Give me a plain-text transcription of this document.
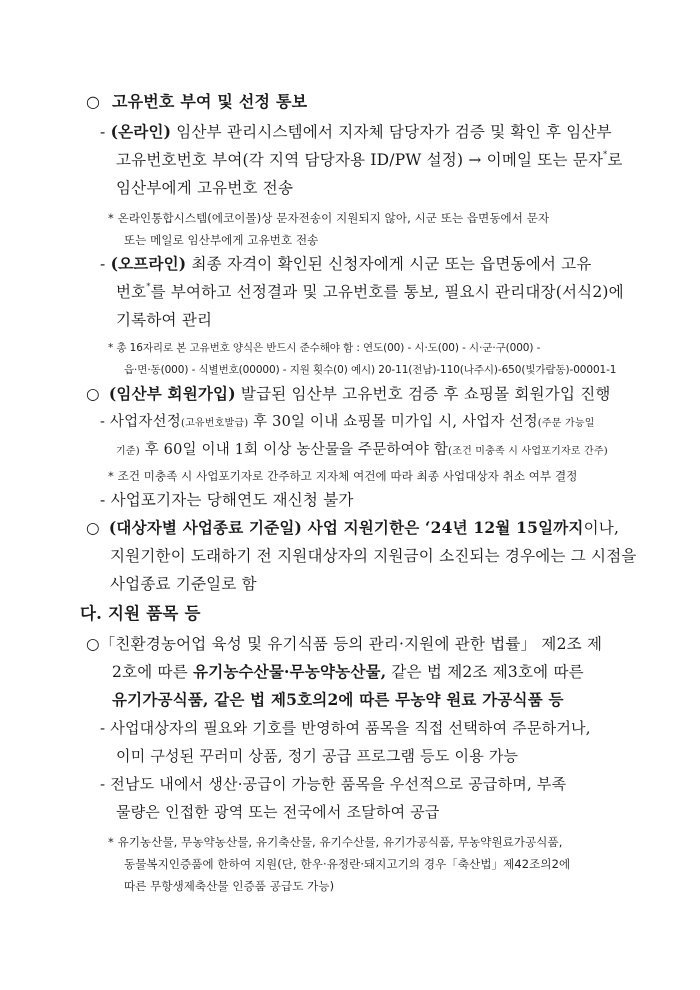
○ 고유번호 부여 및 선정 통보
- (온라인) 임산부 관리시스템에서 지자체 담당자가 검증 및 확인 후 임산부
고유번호번호 부여(각 지역 담당자용 ID/PW 설정) → 이메일 또는 문자*로
임산부에게 고유번호 전송
* 온라인통합시스템(에코이몰)상 문자전송이 지원되지 않아, 시군 또는 읍면동에서 문자
또는 메일로 임산부에게 고유번호 전송
- (오프라인) 최종 자격이 확인된 신청자에게 시군 또는 읍면동에서 고유
번호*를 부여하고 선정결과 및 고유번호를 통보, 필요시 관리대장(서식2)에
기록하여 관리
* 총 16자리로 본 고유번호 양식은 반드시 준수해야 함 : 연도(00) - 시·도(00) - 시·군·구(000) -
읍·면·동(000) - 식별번호(00000) - 지원 횟수(0) 예시) 20-11(전남)-110(나주시)-650(빛가람동)-00001-1
○ (임산부 회원가입) 발급된 임산부 고유번호 검증 후 쇼핑몰 회원가입 진행
- 사업자선정(고유번호발급) 후 30일 이내 쇼핑몰 미가입 시, 사업자 선정(주문 가능일
기준) 후 60일 이내 1회 이상 농산물을 주문하여야 함(조건 미충족 시 사업포기자로 간주)
* 조건 미충족 시 사업포기자로 간주하고 지자체 여건에 따라 최종 사업대상자 취소 여부 결정
- 사업포기자는 당해연도 재신청 불가
○ (대상자별 사업종료 기준일) 사업 지원기한은 ‘24년 12월 15일까지이나,
지원기한이 도래하기 전 지원대상자의 지원금이 소진되는 경우에는 그 시점을
사업종료 기준일로 함
다. 지원 품목 등
○「친환경농어업 육성 및 유기식품 등의 관리·지원에 관한 법률」 제2조 제
2호에 따른 유기농수산물·무농약농산물, 같은 법 제2조 제3호에 따른
유기가공식품, 같은 법 제5호의2에 따른 무농약 원료 가공식품 등
- 사업대상자의 필요와 기호를 반영하여 품목을 직접 선택하여 주문하거나,
이미 구성된 꾸러미 상품, 정기 공급 프로그램 등도 이용 가능
- 전남도 내에서 생산·공급이 가능한 품목을 우선적으로 공급하며, 부족
물량은 인접한 광역 또는 전국에서 조달하여 공급
* 유기농산물, 무농약농산물, 유기축산물, 유기수산물, 유기가공식품, 무농약원료가공식품,
동물복지인증품에 한하여 지원(단, 한우·유정란·돼지고기의 경우「축산법」제42조의2에
따른 무항생제축산물 인증품 공급도 가능)
